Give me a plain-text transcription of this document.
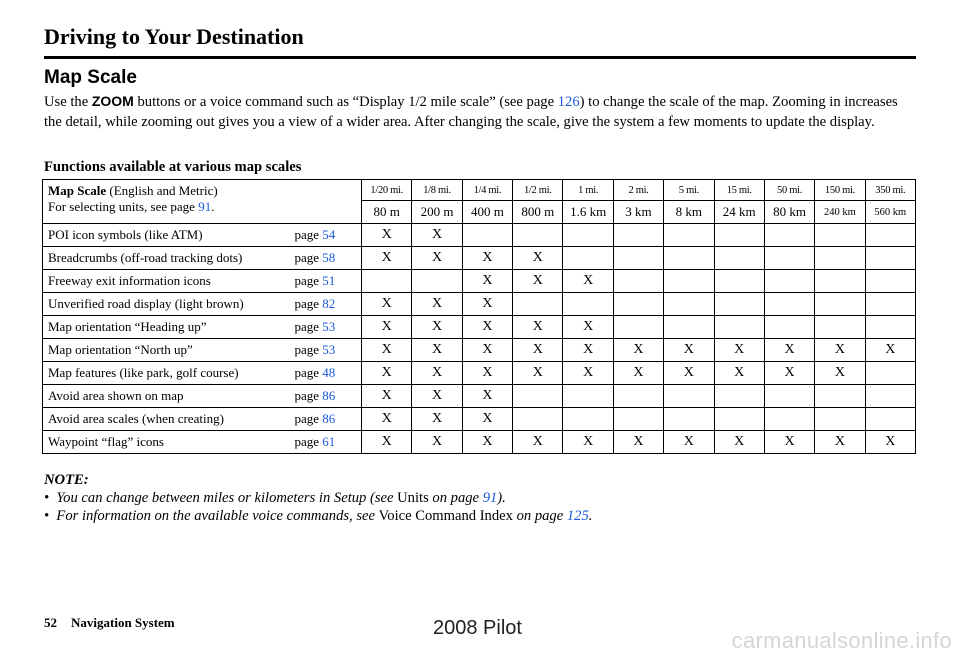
Driving to Your Destination
Map Scale

Use the ZOOM buttons or a voice command such as “Display 1/2 mile scale” (see page 126) to change the scale of the map. Zooming in increases the detail, while zooming out gives you a view of a wider area. After changing the scale, give the system a few moments to update the display.

Functions available at various map scales

Map Scale (English and Metric)
For selecting units, see page 91.		1/20 mi.	1/8 mi.	1/4 mi.	1/2 mi.	1 mi.	2 mi.	5 mi.	15 mi.	50 mi.	150 mi.	350 mi.
		80 m	200 m	400 m	800 m	1.6 km	3 km	8 km	24 km	80 km	240 km	560 km
POI icon symbols (like ATM)	page 54	X	X									
Breadcrumbs (off-road tracking dots)	page 58	X	X	X	X							
Freeway exit information icons	page 51			X	X	X						
Unverified road display (light brown)	page 82	X	X	X								
Map orientation “Heading up”	page 53	X	X	X	X	X						
Map orientation “North up”	page 53	X	X	X	X	X	X	X	X	X	X	X
Map features (like park, golf course)	page 48	X	X	X	X	X	X	X	X	X	X	
Avoid area shown on map	page 86	X	X	X								
Avoid area scales (when creating)	page 86	X	X	X								
Waypoint “flag” icons	page 61	X	X	X	X	X	X	X	X	X	X	X
NOTE:
•  You can change between miles or kilometers in Setup (see Units on page 91).
•  For information on the available voice commands, see Voice Command Index on page 125.
52 Navigation System	2008 Pilot	carmanualsonline.info
